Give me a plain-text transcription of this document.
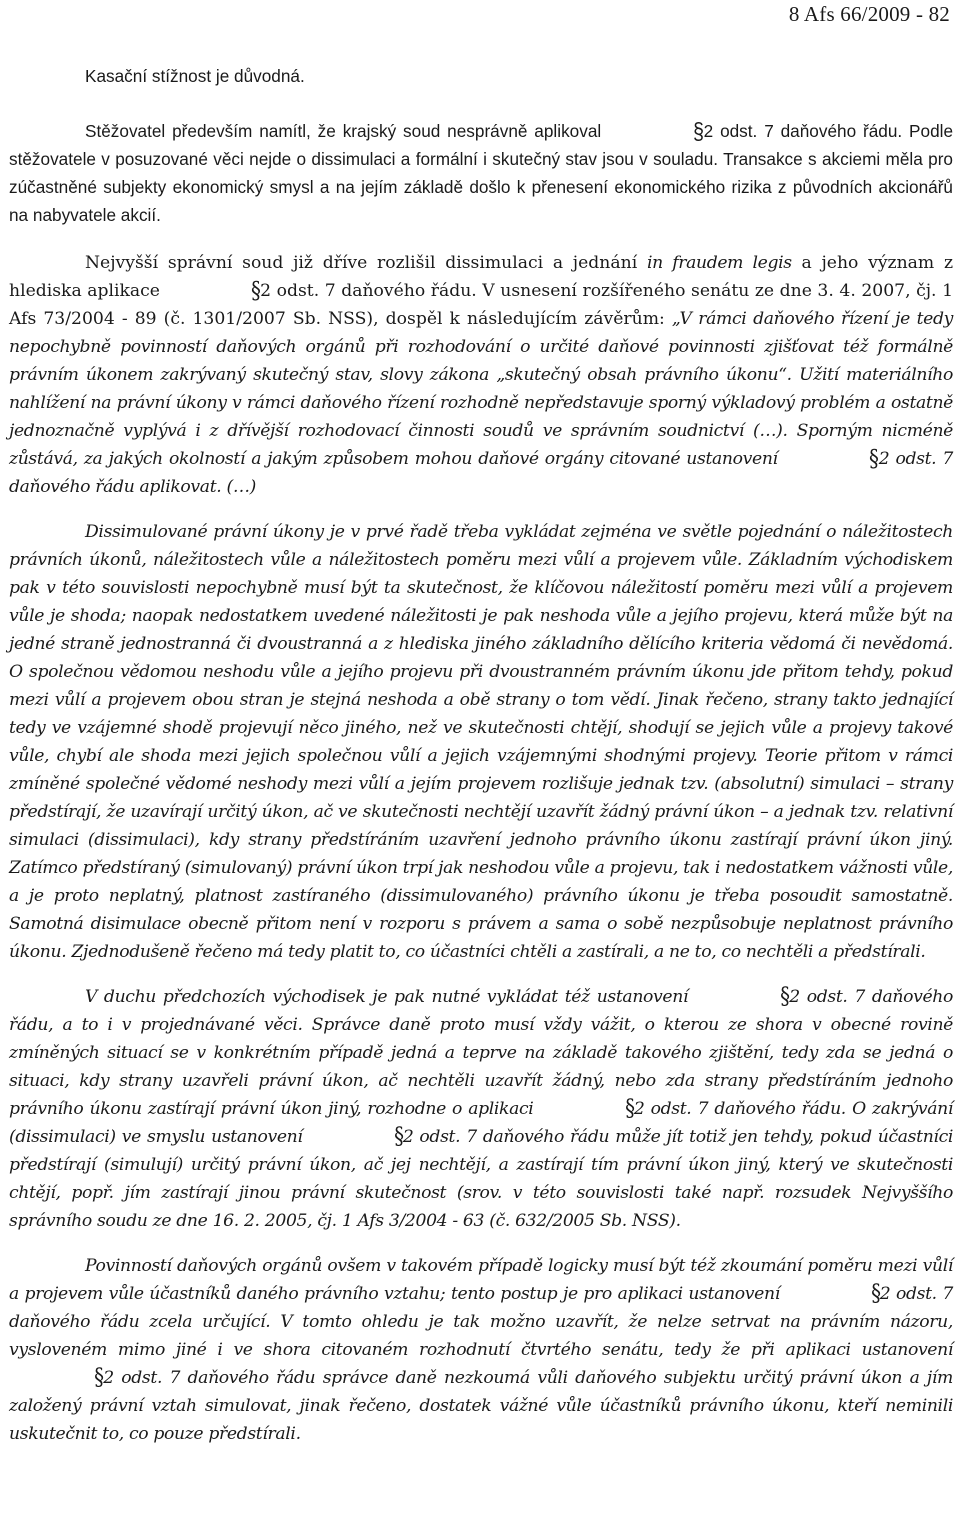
8 Afs 66/2009 - 82

Kasační stížnost je důvodná.

Stěžovatel především namítl, že krajský soud nesprávně aplikoval	§2 odst. 7 daňového řádu. Podle stěžovatele v posuzované věci nejde o dissimulaci a formální i skutečný stav jsou v souladu. Transakce s akciemi měla pro zúčastněné subjekty ekonomický smysl a na jejím základě došlo k přenesení ekonomického rizika z původních akcionářů na nabyvatele akcií.

Nejvyšší správní soud již dříve rozlišil dissimulaci a jednání in fraudem legis a jeho význam z hlediska aplikace	§2 odst. 7 daňového řádu. V usnesení rozšířeného senátu ze dne 3. 4. 2007, čj. 1 Afs 73/2004 - 89 (č. 1301/2007 Sb. NSS), dospěl k následujícím závěrům: „V rámci daňového řízení je tedy nepochybně povinností daňových orgánů při rozhodování o určité daňové povinnosti zjišťovat též formálně právním úkonem zakrývaný skutečný stav, slovy zákona „skutečný obsah právního úkonu“. Užití materiálního nahlížení na právní úkony v rámci daňového řízení rozhodně nepředstavuje sporný výkladový problém a ostatně jednoznačně vyplývá i z dřívější rozhodovací činnosti soudů ve správním soudnictví (…). Sporným nicméně zůstává, za jakých okolností a jakým způsobem mohou daňové orgány citované ustanovení	§2 odst. 7 daňového řádu aplikovat. (…)

Dissimulované právní úkony je v prvé řadě třeba vykládat zejména ve světle pojednání o náležitostech právních úkonů, náležitostech vůle a náležitostech poměru mezi vůlí a projevem vůle. Základním východiskem pak v této souvislosti nepochybně musí být ta skutečnost, že klíčovou náležitostí poměru mezi vůlí a projevem vůle je shoda; naopak nedostatkem uvedené náležitosti je pak neshoda vůle a jejího projevu, která může být na jedné straně jednostranná či dvoustranná a z hlediska jiného základního dělícího kriteria vědomá či nevědomá. O společnou vědomou neshodu vůle a jejího projevu při dvoustranném právním úkonu jde přitom tehdy, pokud mezi vůlí a projevem obou stran je stejná neshoda a obě strany o tom vědí. Jinak řečeno, strany takto jednající tedy ve vzájemné shodě projevují něco jiného, než ve skutečnosti chtějí, shodují se jejich vůle a projevy takové vůle, chybí ale shoda mezi jejich společnou vůlí a jejich vzájemnými shodnými projevy. Teorie přitom v rámci zmíněné společné vědomé neshody mezi vůlí a jejím projevem rozlišuje jednak tzv. (absolutní) simulaci – strany předstírají, že uzavírají určitý úkon, ač ve skutečnosti nechtějí uzavřít žádný právní úkon – a jednak tzv. relativní simulaci (dissimulaci), kdy strany předstíráním uzavření jednoho právního úkonu zastírají právní úkon jiný. Zatímco předstíraný (simulovaný) právní úkon trpí jak neshodou vůle a projevu, tak i nedostatkem vážnosti vůle, a je proto neplatný, platnost zastíraného (dissimulovaného) právního úkonu je třeba posoudit samostatně. Samotná disimulace obecně přitom není v rozporu s právem a sama o sobě nezpůsobuje neplatnost právního úkonu. Zjednodušeně řečeno má tedy platit to, co účastníci chtěli a zastírali, a ne to, co nechtěli a předstírali.

V duchu předchozích východisek je pak nutné vykládat též ustanovení	§2 odst. 7 daňového řádu, a to i v projednávané věci. Správce daně proto musí vždy vážit, o kterou ze shora v obecné rovině zmíněných situací se v konkrétním případě jedná a teprve na základě takového zjištění, tedy zda se jedná o situaci, kdy strany uzavřeli právní úkon, ač nechtěli uzavřít žádný, nebo zda strany předstíráním jednoho právního úkonu zastírají právní úkon jiný, rozhodne o aplikaci	§2 odst. 7 daňového řádu. O zakrývání (dissimulaci) ve smyslu ustanovení	§2 odst. 7 daňového řádu může jít totiž jen tehdy, pokud účastníci předstírají (simulují) určitý právní úkon, ač jej nechtějí, a zastírají tím právní úkon jiný, který ve skutečnosti chtějí, popř. jím zastírají jinou právní skutečnost (srov. v této souvislosti také např. rozsudek Nejvyššího správního soudu ze dne 16. 2. 2005, čj. 1 Afs 3/2004 - 63 (č. 632/2005 Sb. NSS).

Povinností daňových orgánů ovšem v takovém případě logicky musí být též zkoumání poměru mezi vůlí a projevem vůle účastníků daného právního vztahu; tento postup je pro aplikaci ustanovení	§2 odst. 7 daňového řádu zcela určující. V tomto ohledu je tak možno uzavřít, že nelze setrvat na právním názoru, vysloveném mimo jiné i ve shora citovaném rozhodnutí čtvrtého senátu, tedy že při aplikaci ustanovení §2 odst. 7 daňového řádu správce daně nezkoumá vůli daňového subjektu určitý právní úkon a jím založený právní vztah simulovat, jinak řečeno, dostatek vážné vůle účastníků právního úkonu, kteří neminili uskutečnit to, co pouze předstírali.
